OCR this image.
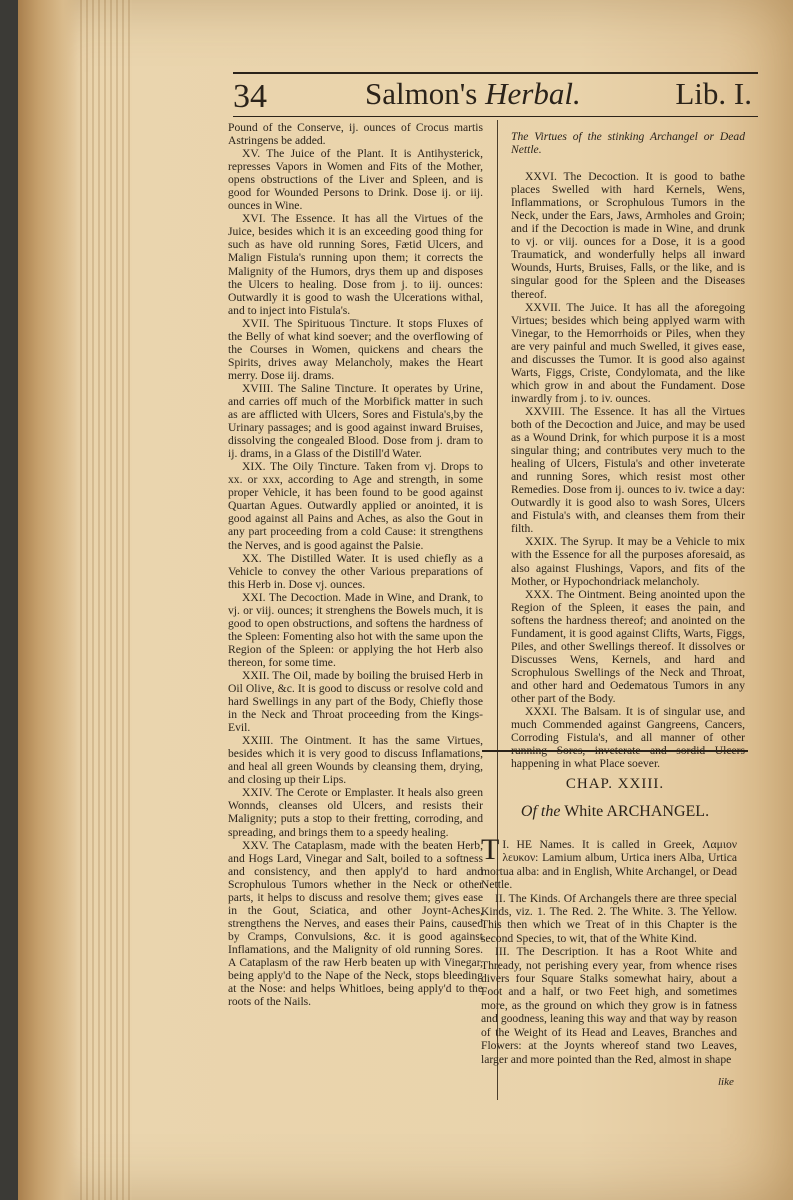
34	Salmon's Herbal.	Lib. I.

Pound of the Conserve, ij. ounces of Crocus martis Astringens be added.

XV. The Juice of the Plant. It is Antihysterick, represses Vapors in Women and Fits of the Mother, opens obstructions of the Liver and Spleen, and is good for Wounded Persons to Drink. Dose ij. or iij. ounces in Wine.

XVI. The Essence. It has all the Virtues of the Juice, besides which it is an exceeding good thing for such as have old running Sores, Fætid Ulcers, and Malign Fistula's running upon them; it corrects the Malignity of the Humors, drys them up and disposes the Ulcers to healing. Dose from j. to iij. ounces: Outwardly it is good to wash the Ulcerations withal, and to inject into Fistula's.

XVII. The Spirituous Tincture. It stops Fluxes of the Belly of what kind soever; and the overflowing of the Courses in Women, quickens and chears the Spirits, drives away Melancholy, makes the Heart merry. Dose iij. drams.

XVIII. The Saline Tincture. It operates by Urine, and carries off much of the Morbifick matter in such as are afflicted with Ulcers, Sores and Fistula's,by the Urinary passages; and is good against inward Bruises, dissolving the congealed Blood. Dose from j. dram to ij. drams, in a Glass of the Distill'd Water.

XIX. The Oily Tincture. Taken from vj. Drops to xx. or xxx, according to Age and strength, in some proper Vehicle, it has been found to be good against Quartan Agues. Outwardly applied or anointed, it is good against all Pains and Aches, as also the Gout in any part proceeding from a cold Cause: it strengthens the Nerves, and is good against the Palsie.

XX. The Distilled Water. It is used chiefly as a Vehicle to convey the other Various preparations of this Herb in. Dose vj. ounces.

XXI. The Decoction. Made in Wine, and Drank, to vj. or viij. ounces; it strenghens the Bowels much, it is good to open obstructions, and softens the hardness of the Spleen: Fomenting also hot with the same upon the Region of the Spleen: or applying the hot Herb also thereon, for some time.

XXII. The Oil, made by boiling the bruised Herb in Oil Olive, &c. It is good to discuss or resolve cold and hard Swellings in any part of the Body, Chiefly those in the Neck and Throat proceeding from the Kings-Evil.

XXIII. The Ointment. It has the same Virtues, besides which it is very good to discuss Inflamations, and heal all green Wounds by cleansing them, drying, and closing up their Lips.

XXIV. The Cerote or Emplaster. It heals also green Wonnds, cleanses old Ulcers, and resists their Malignity; puts a stop to their fretting, corroding, and spreading, and brings them to a speedy healing.

XXV. The Cataplasm, made with the beaten Herb, and Hogs Lard, Vinegar and Salt, boiled to a softness and consistency, and then apply'd to hard and Scrophulous Tumors whether in the Neck or other parts, it helps to discuss and resolve them; gives ease in the Gout, Sciatica, and other Joynt-Aches, strengthens the Nerves, and eases their Pains, caused by Cramps, Convulsions, &c. it is good against Inflamations, and the Malignity of old running Sores. A Cataplasm of the raw Herb beaten up with Vinegar, being apply'd to the Nape of the Neck, stops bleeding at the Nose: and helps Whitloes, being apply'd to the roots of the Nails.

The Virtues of the stinking Archangel or Dead Nettle.

XXVI. The Decoction. It is good to bathe places Swelled with hard Kernels, Wens, Inflammations, or Scrophulous Tumors in the Neck, under the Ears, Jaws, Armholes and Groin; and if the Decoction is made in Wine, and drunk to vj. or viij. ounces for a Dose, it is a good Traumatick, and wonderfully helps all inward Wounds, Hurts, Bruises, Falls, or the like, and is singular good for the Spleen and the Diseases thereof.

XXVII. The Juice. It has all the aforegoing Virtues; besides which being applyed warm with Vinegar, to the Hemorrhoids or Piles, when they are very painful and much Swelled, it gives ease, and discusses the Tumor. It is good also against Warts, Figgs, Criste, Condylomata, and the like which grow in and about the Fundament. Dose inwardly from j. to iv. ounces.

XXVIII. The Essence. It has all the Virtues both of the Decoction and Juice, and may be used as a Wound Drink, for which purpose it is a most singular thing; and contributes very much to the healing of Ulcers, Fistula's and other inveterate and running Sores, which resist most other Remedies. Dose from ij. ounces to iv. twice a day: Outwardly it is good also to wash Sores, Ulcers and Fistula's with, and cleanses them from their filth.

XXIX. The Syrup. It may be a Vehicle to mix with the Essence for all the purposes aforesaid, as also against Flushings, Vapors, and fits of the Mother, or Hypochondriack melancholy.

XXX. The Ointment. Being anointed upon the Region of the Spleen, it eases the pain, and softens the hardness thereof; and anointed on the Fundament, it is good against Clifts, Warts, Figgs, Piles, and other Swellings thereof. It dissolves or Discusses Wens, Kernels, and hard and Scrophulous Swellings of the Neck and Throat, and other hard and Oedematous Tumors in any other part of the Body.

XXXI. The Balsam. It is of singular use, and much Commended against Gangreens, Cancers, Corroding Fistula's, and all manner of other running Sores, inveterate and sordid Ulcers happening in what Place soever.

CHAP. XXIII.
Of the White ARCHANGEL.

T I. HE Names. It is called in Greek, Λαμιον λευκον: Lamium album, Urtica iners Alba, Urtica mortua alba: and in English, White Archangel, or Dead Nettle.

II. The Kinds. Of Archangels there are three special Kinds, viz. 1. The Red. 2. The White. 3. The Yellow. This then which we Treat of in this Chapter is the second Species, to wit, that of the White Kind.

III. The Description. It has a Root White and Thready, not perishing every year, from whence rises divers four Square Stalks somewhat hairy, about a Foot and a half, or two Feet high, and sometimes more, as the ground on which they grow is in fatness and goodness, leaning this way and that way by reason of the Weight of its Head and Leaves, Branches and Flowers: at the Joynts whereof stand two Leaves, larger and more pointed than the Red, almost in shape

like
